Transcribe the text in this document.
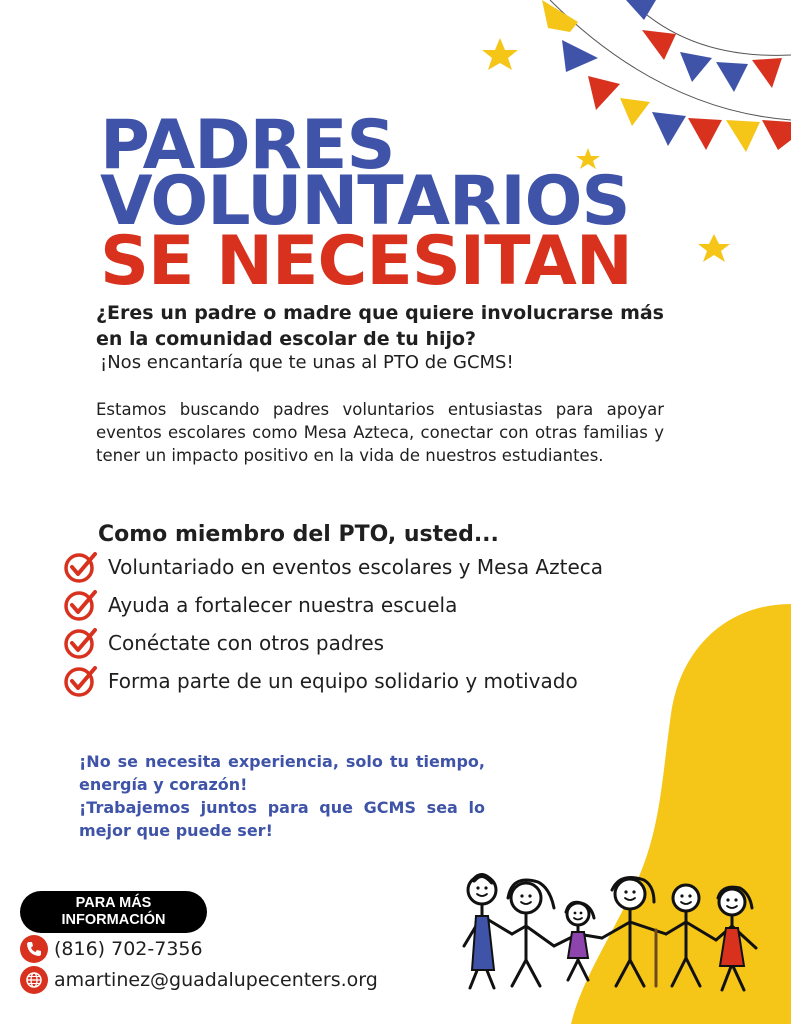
PADRES
VOLUNTARIOS
SE NECESITAN

¿Eres un padre o madre que quiere involucrarse más en la comunidad escolar de tu hijo?

¡Nos encantaría que te unas al PTO de GCMS!

Estamos buscando padres voluntarios entusiastas para apoyar eventos escolares como Mesa Azteca, conectar con otras familias y tener un impacto positivo en la vida de nuestros estudiantes.

Como miembro del PTO, usted...
Voluntariado en eventos escolares y Mesa Azteca
Ayuda a fortalecer nuestra escuela
Conéctate con otros padres
Forma parte de un equipo solidario y motivado
¡No se necesita experiencia, solo tu tiempo, energía y corazón!
¡Trabajemos juntos para que GCMS sea lo mejor que puede ser!
PARA MÁS INFORMACIÓN
(816) 702-7356
amartinez@guadalupecenters.org
